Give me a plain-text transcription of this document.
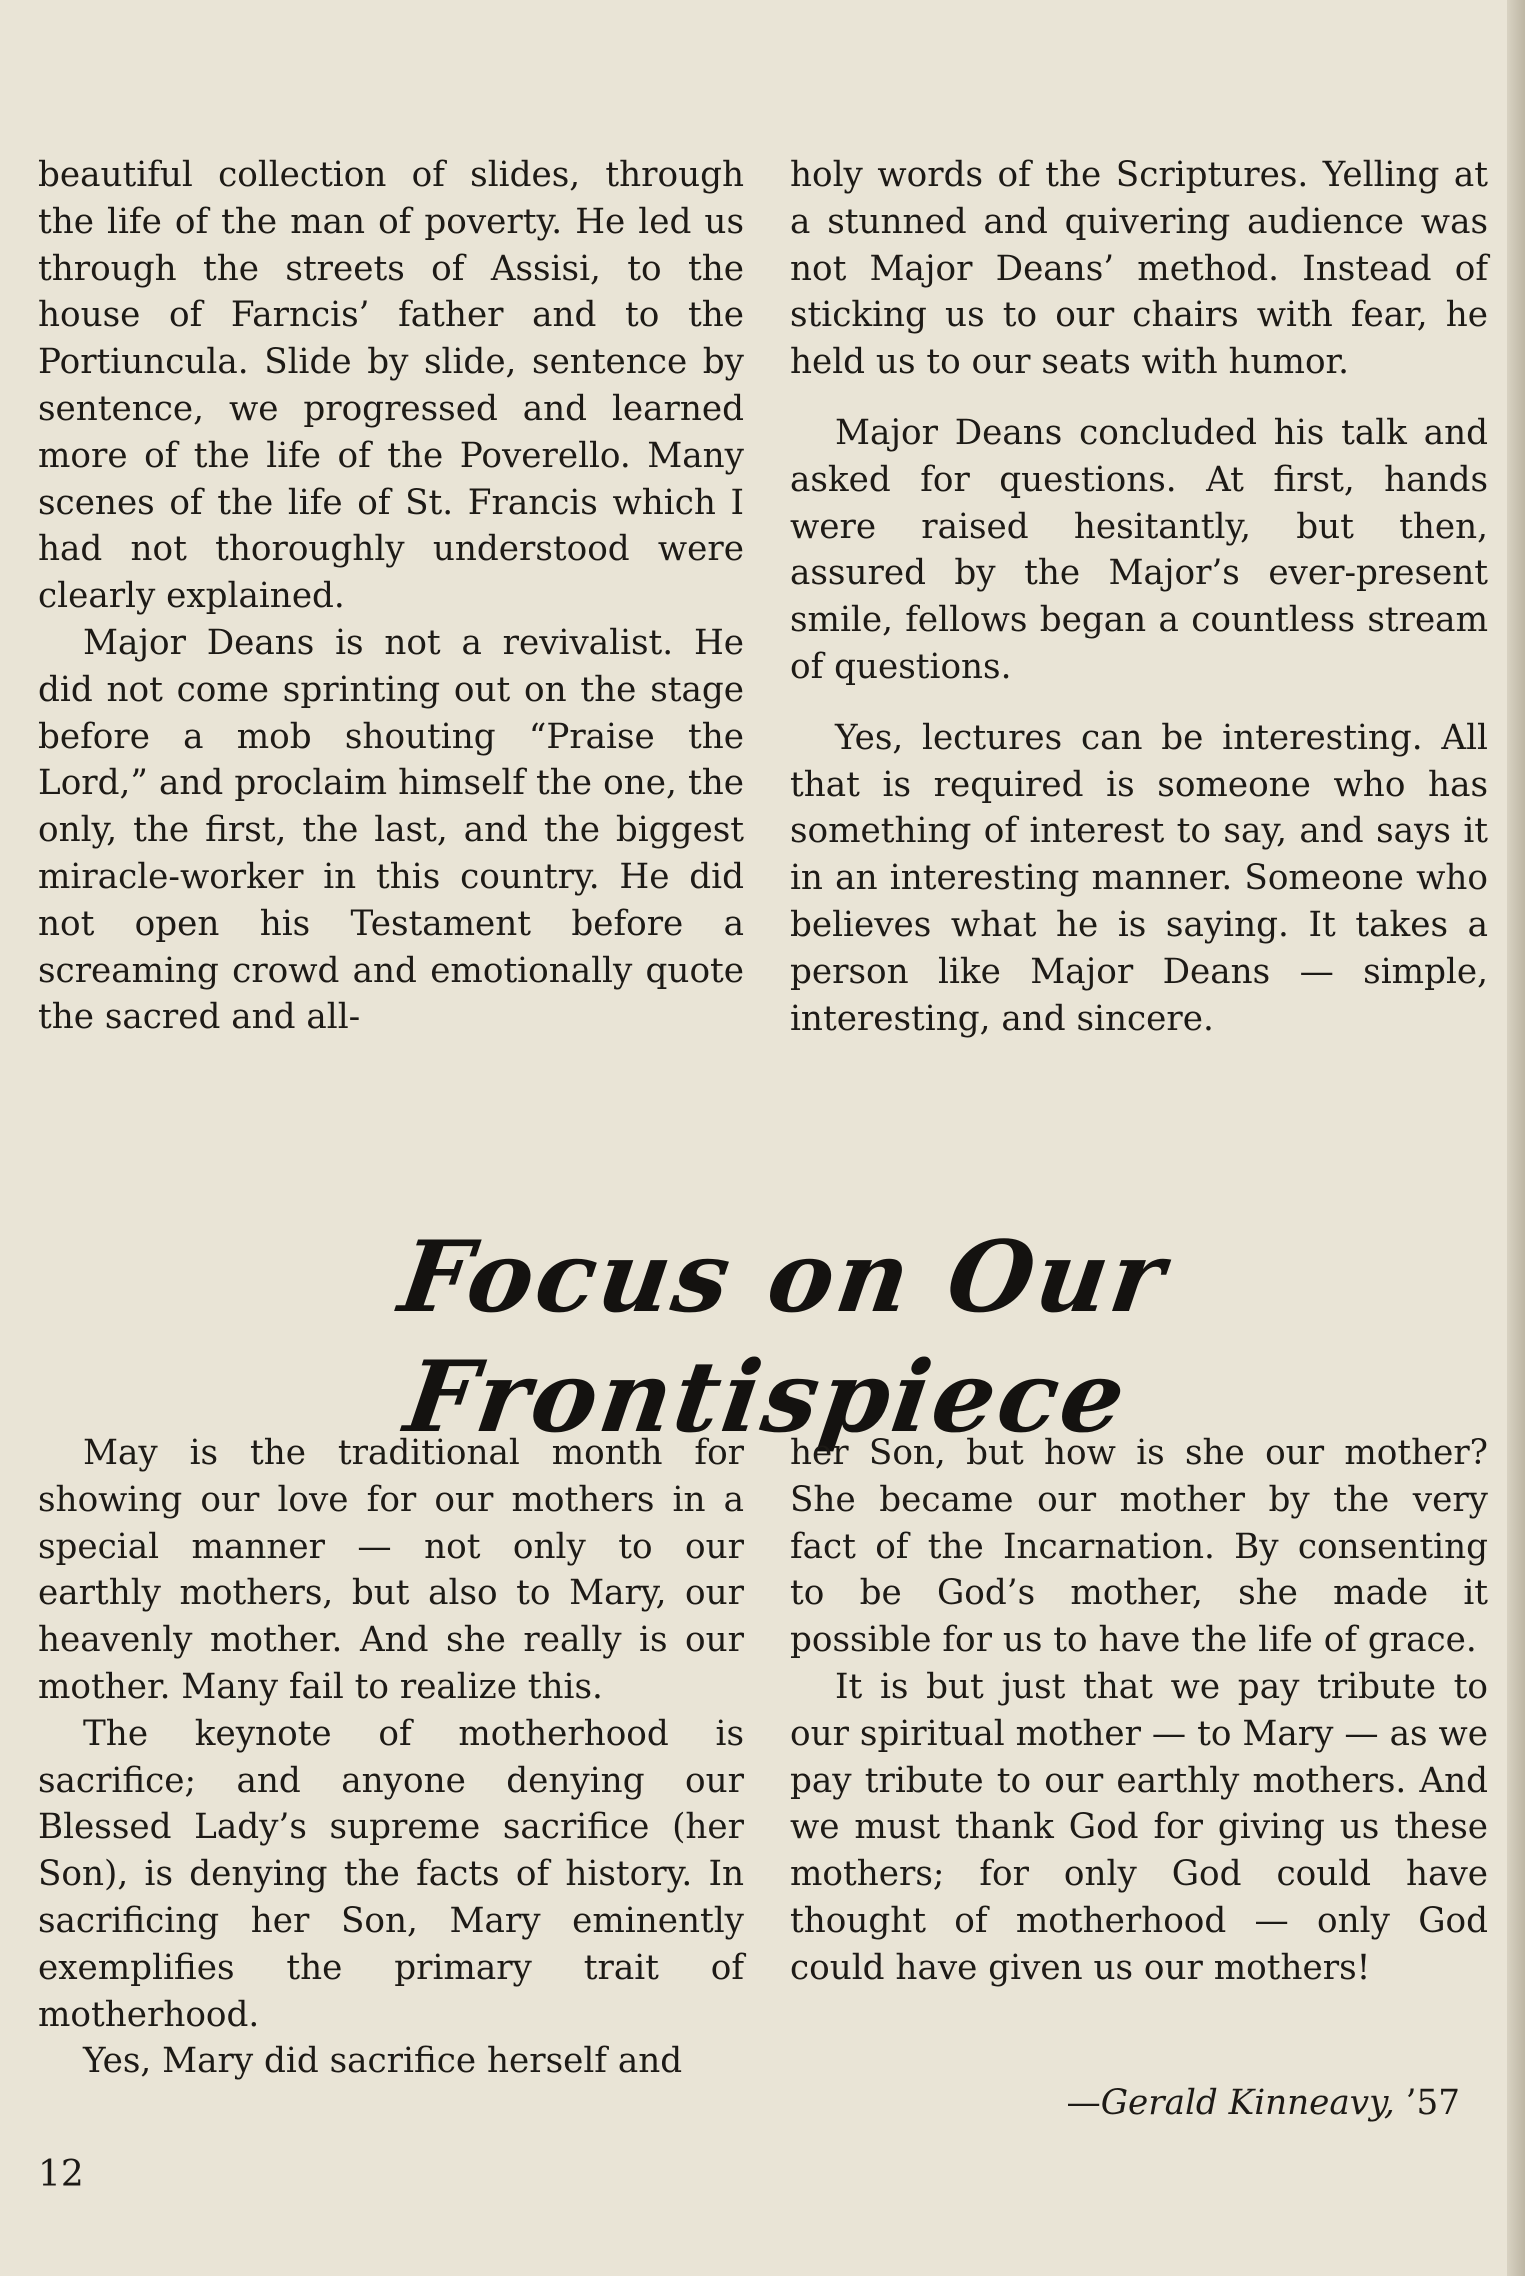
beautiful collection of slides, through the life of the man of poverty. He led us through the streets of Assisi, to the house of Farncis’ father and to the Portiuncula. Slide by slide, sentence by sentence, we progressed and learned more of the life of the Poverello. Many scenes of the life of St. Francis which I had not thoroughly understood were clearly explained.

Major Deans is not a revivalist. He did not come sprinting out on the stage before a mob shouting “Praise the Lord,” and proclaim himself the one, the only, the first, the last, and the biggest miracle-worker in this country. He did not open his Testament before a screaming crowd and emotionally quote the sacred and all-

holy words of the Scriptures. Yelling at a stunned and quivering audience was not Major Deans’ method. Instead of sticking us to our chairs with fear, he held us to our seats with humor.

Major Deans concluded his talk and asked for questions. At first, hands were raised hesitantly, but then, assured by the Major’s ever-present smile, fellows began a countless stream of questions.

Yes, lectures can be interesting. All that is required is someone who has something of interest to say, and says it in an interesting manner. Someone who believes what he is saying. It takes a person like Major Deans — simple, interesting, and sincere.

Focus on Our Frontispiece

May is the traditional month for showing our love for our mothers in a special manner — not only to our earthly mothers, but also to Mary, our heavenly mother. And she really is our mother. Many fail to realize this.

The keynote of motherhood is sacrifice; and anyone denying our Blessed Lady’s supreme sacrifice (her Son), is denying the facts of history. In sacrificing her Son, Mary eminently exemplifies the primary trait of motherhood.

Yes, Mary did sacrifice herself and

her Son, but how is she our mother? She became our mother by the very fact of the Incarnation. By consenting to be God’s mother, she made it possible for us to have the life of grace.

It is but just that we pay tribute to our spiritual mother — to Mary — as we pay tribute to our earthly mothers. And we must thank God for giving us these mothers; for only God could have thought of motherhood — only God could have given us our mothers!

—Gerald Kinneavy, ’57
12
